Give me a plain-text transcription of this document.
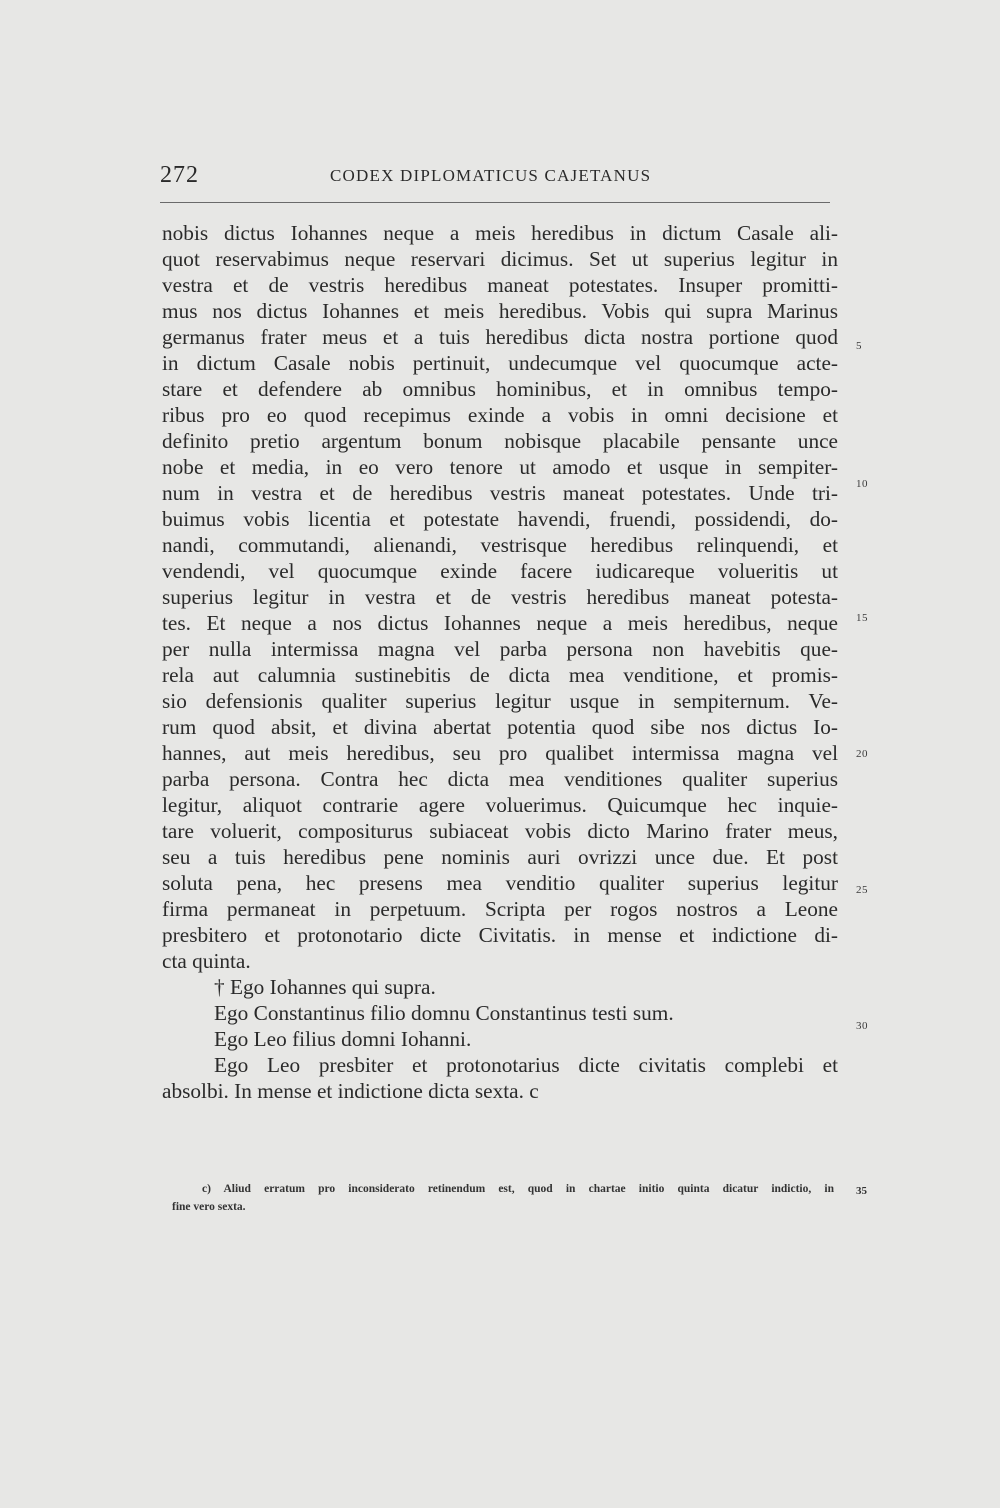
272	CODEX DIPLOMATICUS CAJETANUS
nobis dictus Iohannes neque a meis heredibus in dictum Casale ali-
quot reservabimus neque reservari dicimus. Set ut superius legitur in
vestra et de vestris heredibus maneat potestates. Insuper promitti-
mus nos dictus Iohannes et meis heredibus. Vobis qui supra Marinus
germanus frater meus et a tuis heredibus dicta nostra portione quod
in dictum Casale nobis pertinuit, undecumque vel quocumque acte-
stare et defendere ab omnibus hominibus, et in omnibus tempo-
ribus pro eo quod recepimus exinde a vobis in omni decisione et
definito pretio argentum bonum nobisque placabile pensante unce
nobe et media, in eo vero tenore ut amodo et usque in sempiter-
num in vestra et de heredibus vestris maneat potestates. Unde tri-
buimus vobis licentia et potestate havendi, fruendi, possidendi, do-
nandi, commutandi, alienandi, vestrisque heredibus relinquendi, et
vendendi, vel quocumque exinde facere iudicareque volueritis ut
superius legitur in vestra et de vestris heredibus maneat potesta-
tes. Et neque a nos dictus Iohannes neque a meis heredibus, neque
per nulla intermissa magna vel parba persona non havebitis que-
rela aut calumnia sustinebitis de dicta mea venditione, et promis-
sio defensionis qualiter superius legitur usque in sempiternum. Ve-
rum quod absit, et divina abertat potentia quod sibe nos dictus Io-
hannes, aut meis heredibus, seu pro qualibet intermissa magna vel
parba persona. Contra hec dicta mea venditiones qualiter superius
legitur, aliquot contrarie agere voluerimus. Quicumque hec inquie-
tare voluerit, compositurus subiaceat vobis dicto Marino frater meus,
seu a tuis heredibus pene nominis auri ovrizzi unce due. Et post
soluta pena, hec presens mea venditio qualiter superius legitur
firma permaneat in perpetuum. Scripta per rogos nostros a Leone
presbitero et protonotario dicte Civitatis. in mense et indictione di-
cta quinta.
† Ego Iohannes qui supra.
Ego Constantinus filio domnu Constantinus testi sum.
Ego Leo filius domni Iohanni.
Ego Leo presbiter et protonotarius dicte civitatis complebi et
absolbi. In mense et indictione dicta sexta. c
5
10
15
20
25
30
c) Aliud erratum pro inconsiderato retinendum est, quod in chartae initio quinta dicatur indictio, in
fine vero sexta.
35
